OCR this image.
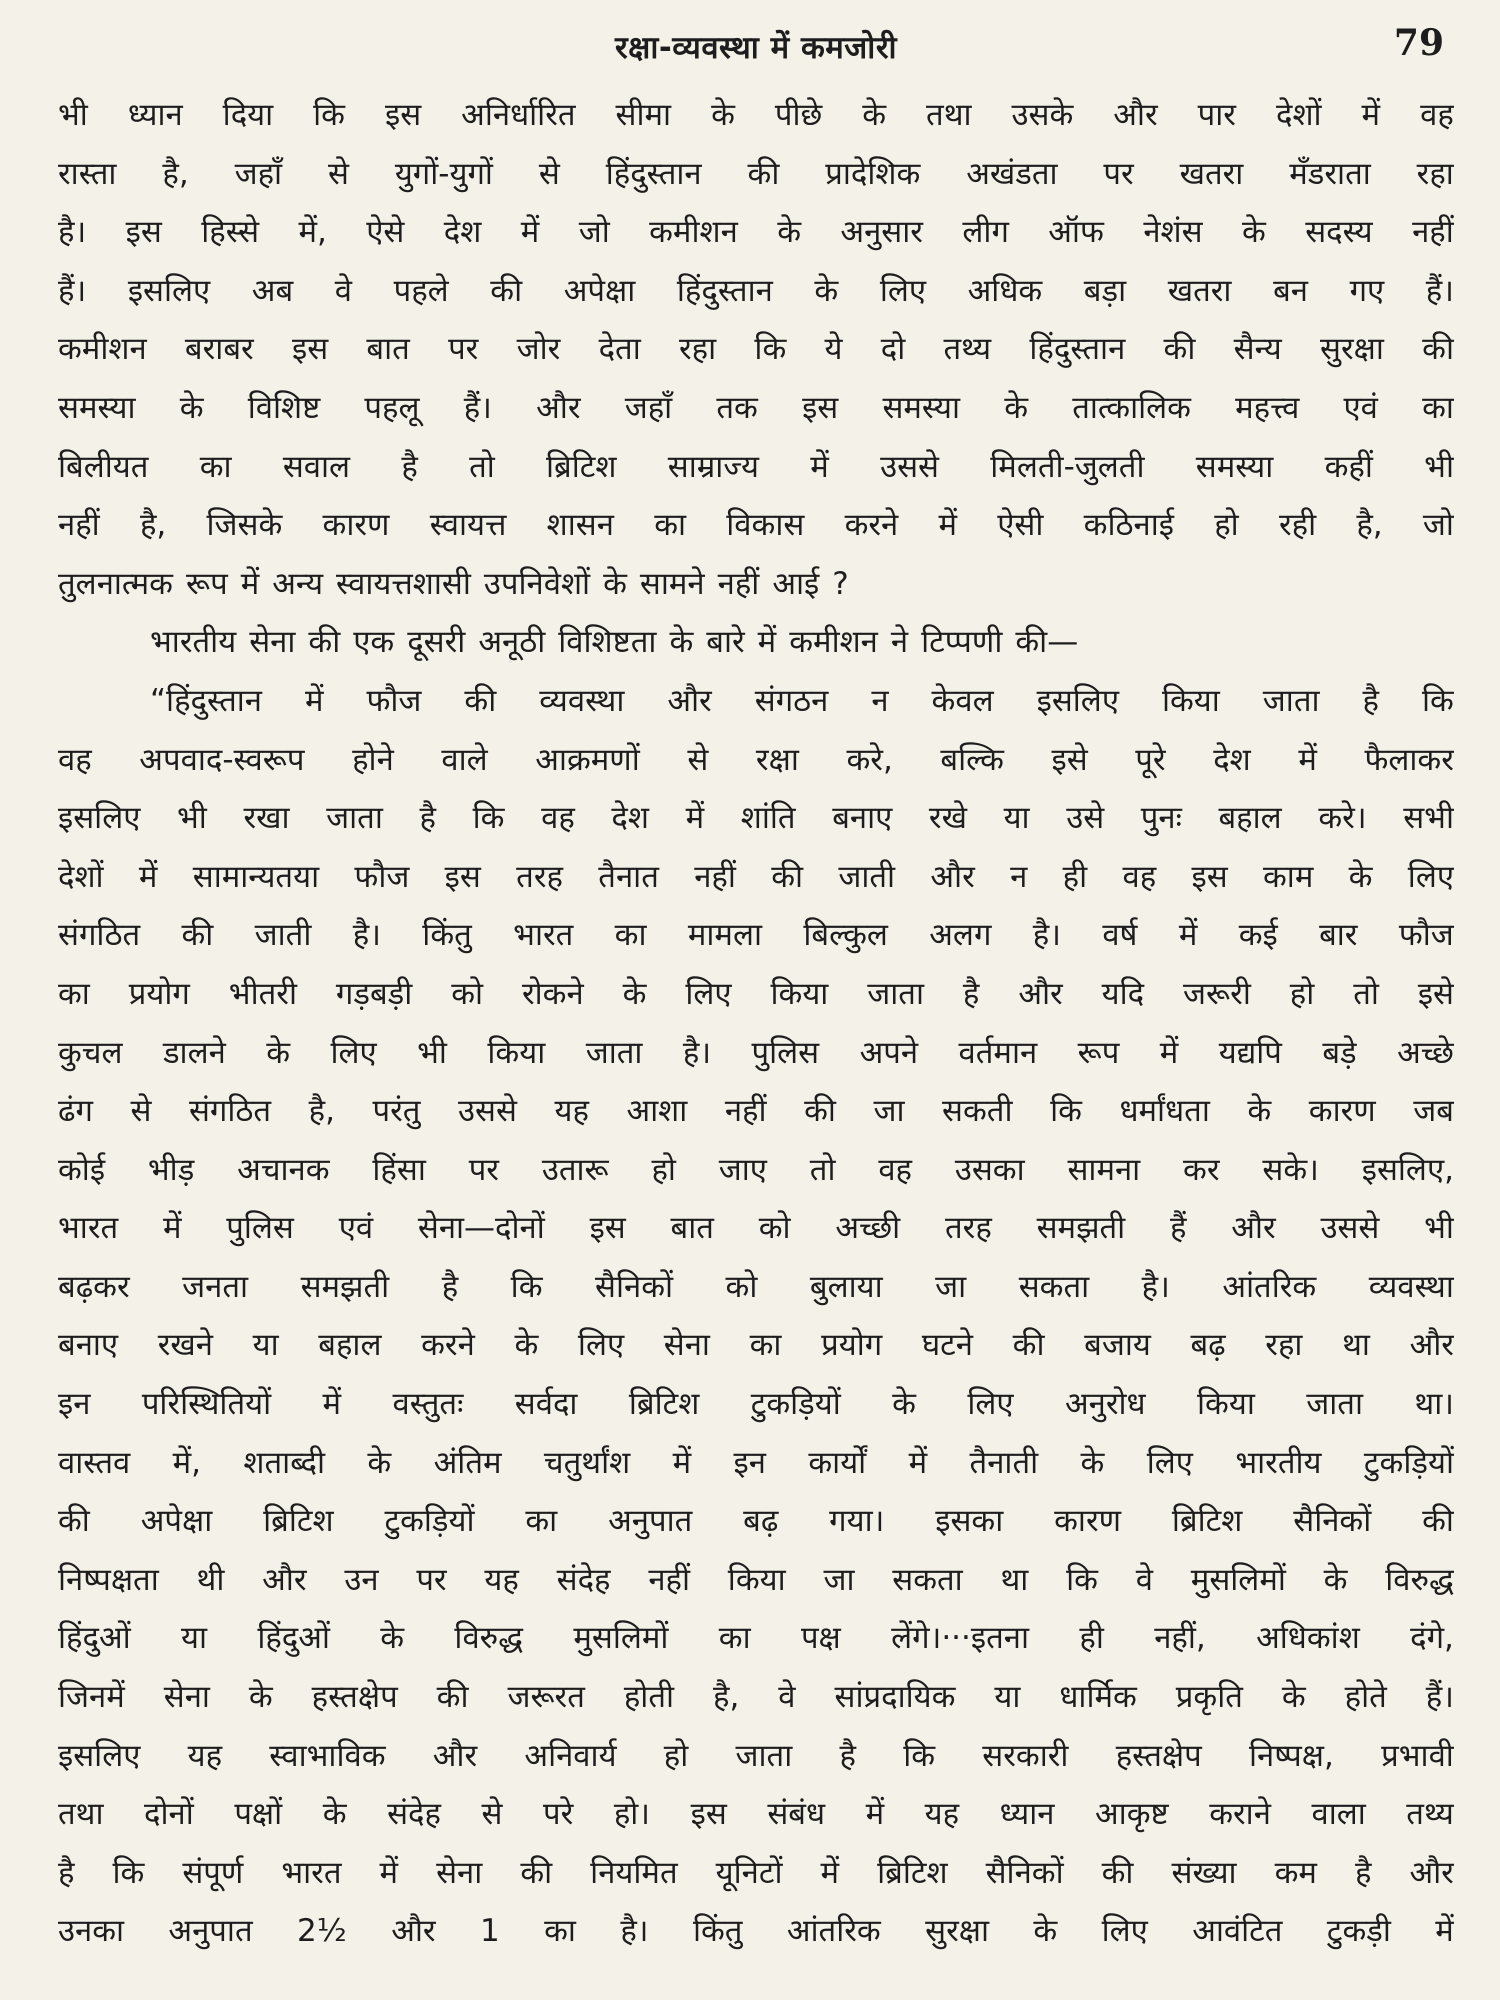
रक्षा-व्यवस्था में कमजोरी	79
भी ध्यान दिया कि इस अनिर्धारित सीमा के पीछे के तथा उसके और पार देशों में वह
रास्ता है, जहाँ से युगों-युगों से हिंदुस्तान की प्रादेशिक अखंडता पर खतरा मँडराता रहा
है। इस हिस्से में, ऐसे देश में जो कमीशन के अनुसार लीग ऑफ नेशंस के सदस्य नहीं
हैं। इसलिए अब वे पहले की अपेक्षा हिंदुस्तान के लिए अधिक बड़ा खतरा बन गए हैं।
कमीशन बराबर इस बात पर जोर देता रहा कि ये दो तथ्य हिंदुस्तान की सैन्य सुरक्षा की
समस्या के विशिष्ट पहलू हैं। और जहाँ तक इस समस्या के तात्कालिक महत्त्व एवं का
बिलीयत का सवाल है तो ब्रिटिश साम्राज्य में उससे मिलती-जुलती समस्या कहीं भी
नहीं है, जिसके कारण स्वायत्त शासन का विकास करने में ऐसी कठिनाई हो रही है, जो
तुलनात्मक रूप में अन्य स्वायत्तशासी उपनिवेशों के सामने नहीं आई ?
भारतीय सेना की एक दूसरी अनूठी विशिष्टता के बारे में कमीशन ने टिप्पणी की—
“हिंदुस्तान में फौज की व्यवस्था और संगठन न केवल इसलिए किया जाता है कि
वह अपवाद-स्वरूप होने वाले आक्रमणों से रक्षा करे, बल्कि इसे पूरे देश में फैलाकर
इसलिए भी रखा जाता है कि वह देश में शांति बनाए रखे या उसे पुनः बहाल करे। सभी
देशों में सामान्यतया फौज इस तरह तैनात नहीं की जाती और न ही वह इस काम के लिए
संगठित की जाती है। किंतु भारत का मामला बिल्कुल अलग है। वर्ष में कई बार फौज
का प्रयोग भीतरी गड़बड़ी को रोकने के लिए किया जाता है और यदि जरूरी हो तो इसे
कुचल डालने के लिए भी किया जाता है। पुलिस अपने वर्तमान रूप में यद्यपि बड़े अच्छे
ढंग से संगठित है, परंतु उससे यह आशा नहीं की जा सकती कि धर्मांधता के कारण जब
कोई भीड़ अचानक हिंसा पर उतारू हो जाए तो वह उसका सामना कर सके। इसलिए,
भारत में पुलिस एवं सेना—दोनों इस बात को अच्छी तरह समझती हैं और उससे भी
बढ़कर जनता समझती है कि सैनिकों को बुलाया जा सकता है। आंतरिक व्यवस्था
बनाए रखने या बहाल करने के लिए सेना का प्रयोग घटने की बजाय बढ़ रहा था और
इन परिस्थितियों में वस्तुतः सर्वदा ब्रिटिश टुकड़ियों के लिए अनुरोध किया जाता था।
वास्तव में, शताब्दी के अंतिम चतुर्थांश में इन कार्यों में तैनाती के लिए भारतीय टुकड़ियों
की अपेक्षा ब्रिटिश टुकड़ियों का अनुपात बढ़ गया। इसका कारण ब्रिटिश सैनिकों की
निष्पक्षता थी और उन पर यह संदेह नहीं किया जा सकता था कि वे मुसलिमों के विरुद्ध
हिंदुओं या हिंदुओं के विरुद्ध मुसलिमों का पक्ष लेंगे।···इतना ही नहीं, अधिकांश दंगे,
जिनमें सेना के हस्तक्षेप की जरूरत होती है, वे सांप्रदायिक या धार्मिक प्रकृति के होते हैं।
इसलिए यह स्वाभाविक और अनिवार्य हो जाता है कि सरकारी हस्तक्षेप निष्पक्ष, प्रभावी
तथा दोनों पक्षों के संदेह से परे हो। इस संबंध में यह ध्यान आकृष्ट कराने वाला तथ्य
है कि संपूर्ण भारत में सेना की नियमित यूनिटों में ब्रिटिश सैनिकों की संख्या कम है और
उनका अनुपात 2½ और 1 का है। किंतु आंतरिक सुरक्षा के लिए आवंटित टुकड़ी में
